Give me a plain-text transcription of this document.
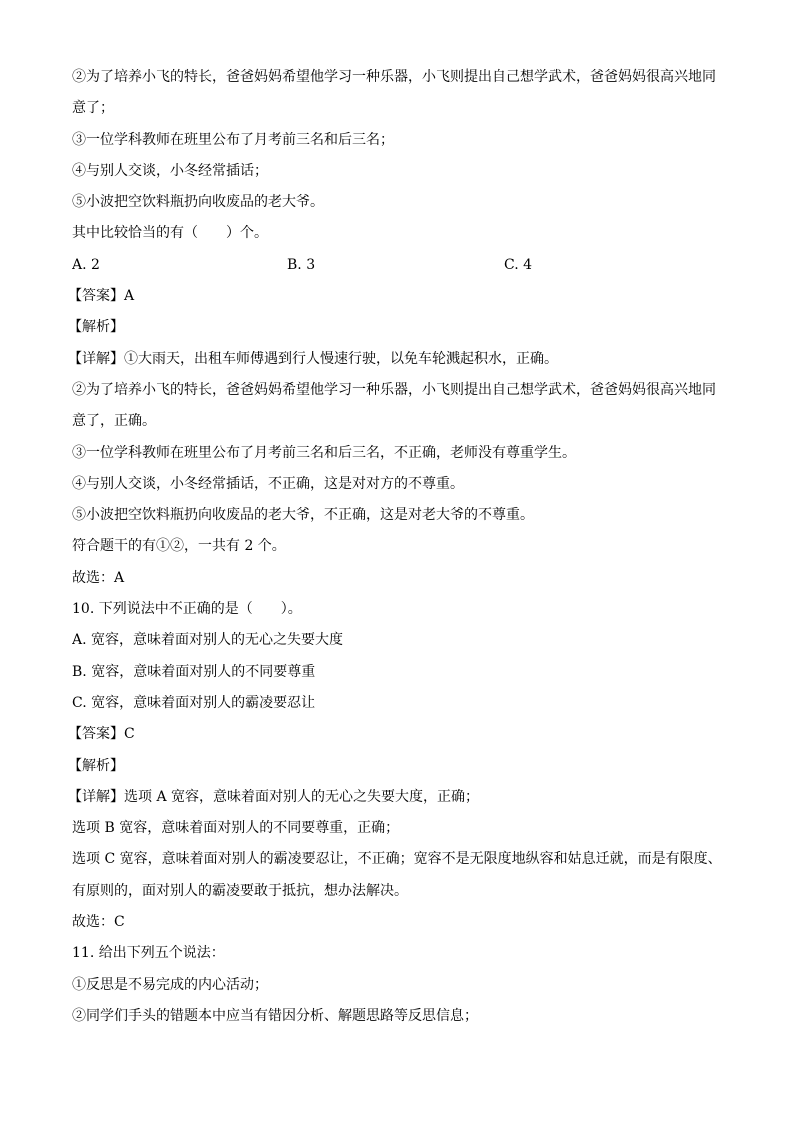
②为了培养小飞的特长，爸爸妈妈希望他学习一种乐器，小飞则提出自己想学武术，爸爸妈妈很高兴地同
意了；
③一位学科教师在班里公布了月考前三名和后三名；
④与别人交谈，小冬经常插话；
⑤小波把空饮料瓶扔向收废品的老大爷。
其中比较恰当的有（　　）个。
A. 2	B. 3	C. 4
【答案】A
【解析】
【详解】①大雨天，出租车师傅遇到行人慢速行驶，以免车轮溅起积水，正确。
②为了培养小飞的特长，爸爸妈妈希望他学习一种乐器，小飞则提出自己想学武术，爸爸妈妈很高兴地同
意了，正确。
③一位学科教师在班里公布了月考前三名和后三名，不正确，老师没有尊重学生。
④与别人交谈，小冬经常插话，不正确，这是对对方的不尊重。
⑤小波把空饮料瓶扔向收废品的老大爷，不正确，这是对老大爷的不尊重。
符合题干的有①②，一共有 2 个。
故选：A
10. 下列说法中不正确的是（　　）。
A. 宽容，意味着面对别人的无心之失要大度
B. 宽容，意味着面对别人的不同要尊重
C. 宽容，意味着面对别人的霸凌要忍让
【答案】C
【解析】
【详解】选项 A 宽容，意味着面对别人的无心之失要大度，正确；
选项 B 宽容，意味着面对别人的不同要尊重，正确；
选项 C 宽容，意味着面对别人的霸凌要忍让，不正确；宽容不是无限度地纵容和姑息迁就，而是有限度、
有原则的，面对别人的霸凌要敢于抵抗，想办法解决。
故选：C
11. 给出下列五个说法：
①反思是不易完成的内心活动；
②同学们手头的错题本中应当有错因分析、解题思路等反思信息；
